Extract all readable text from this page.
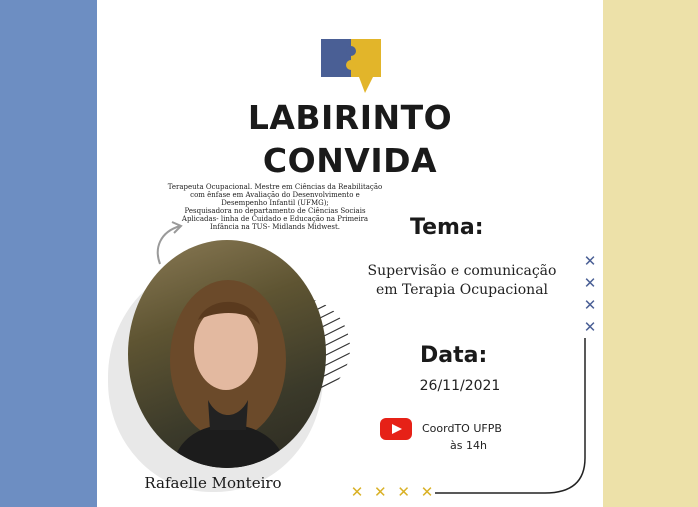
LABIRINTO
CONVIDA
Terapeuta Ocupacional. Mestre em Ciências da Reabilitação
com ênfase em Avaliação do Desenvolvimento e
Desempenho Infantil (UFMG);
Pesquisadora no departamento de Ciências Sociais
Aplicadas- linha de Cuidado e Educação na Primeira
Infância na TUS- Midlands Midwest.
Rafaelle Monteiro
Tema:
Supervisão e comunicação
em Terapia Ocupacional
Data:
26/11/2021
CoordTO UFPB
às 14h
✕
✕
✕
✕
✕ ✕ ✕ ✕
